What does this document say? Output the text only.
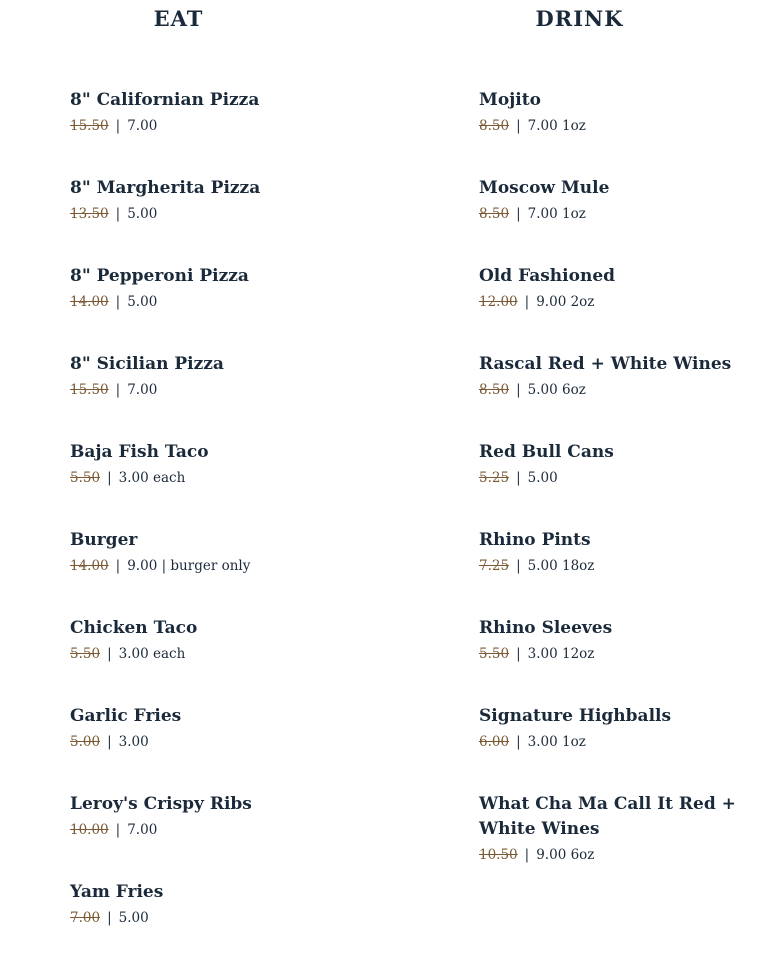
EAT
8" Californian Pizza
15.50 | 7.00
8" Margherita Pizza
13.50 | 5.00
8" Pepperoni Pizza
14.00 | 5.00
8" Sicilian Pizza
15.50 | 7.00
Baja Fish Taco
5.50 | 3.00 each
Burger
14.00 | 9.00 | burger only
Chicken Taco
5.50 | 3.00 each
Garlic Fries
5.00 | 3.00
Leroy's Crispy Ribs
10.00 | 7.00
Yam Fries
7.00 | 5.00
DRINK
Mojito
8.50 | 7.00 1oz
Moscow Mule
8.50 | 7.00 1oz
Old Fashioned
12.00 | 9.00 2oz
Rascal Red + White Wines
8.50 | 5.00 6oz
Red Bull Cans
5.25 | 5.00
Rhino Pints
7.25 | 5.00 18oz
Rhino Sleeves
5.50 | 3.00 12oz
Signature Highballs
6.00 | 3.00 1oz
What Cha Ma Call It Red + White Wines
10.50 | 9.00 6oz
